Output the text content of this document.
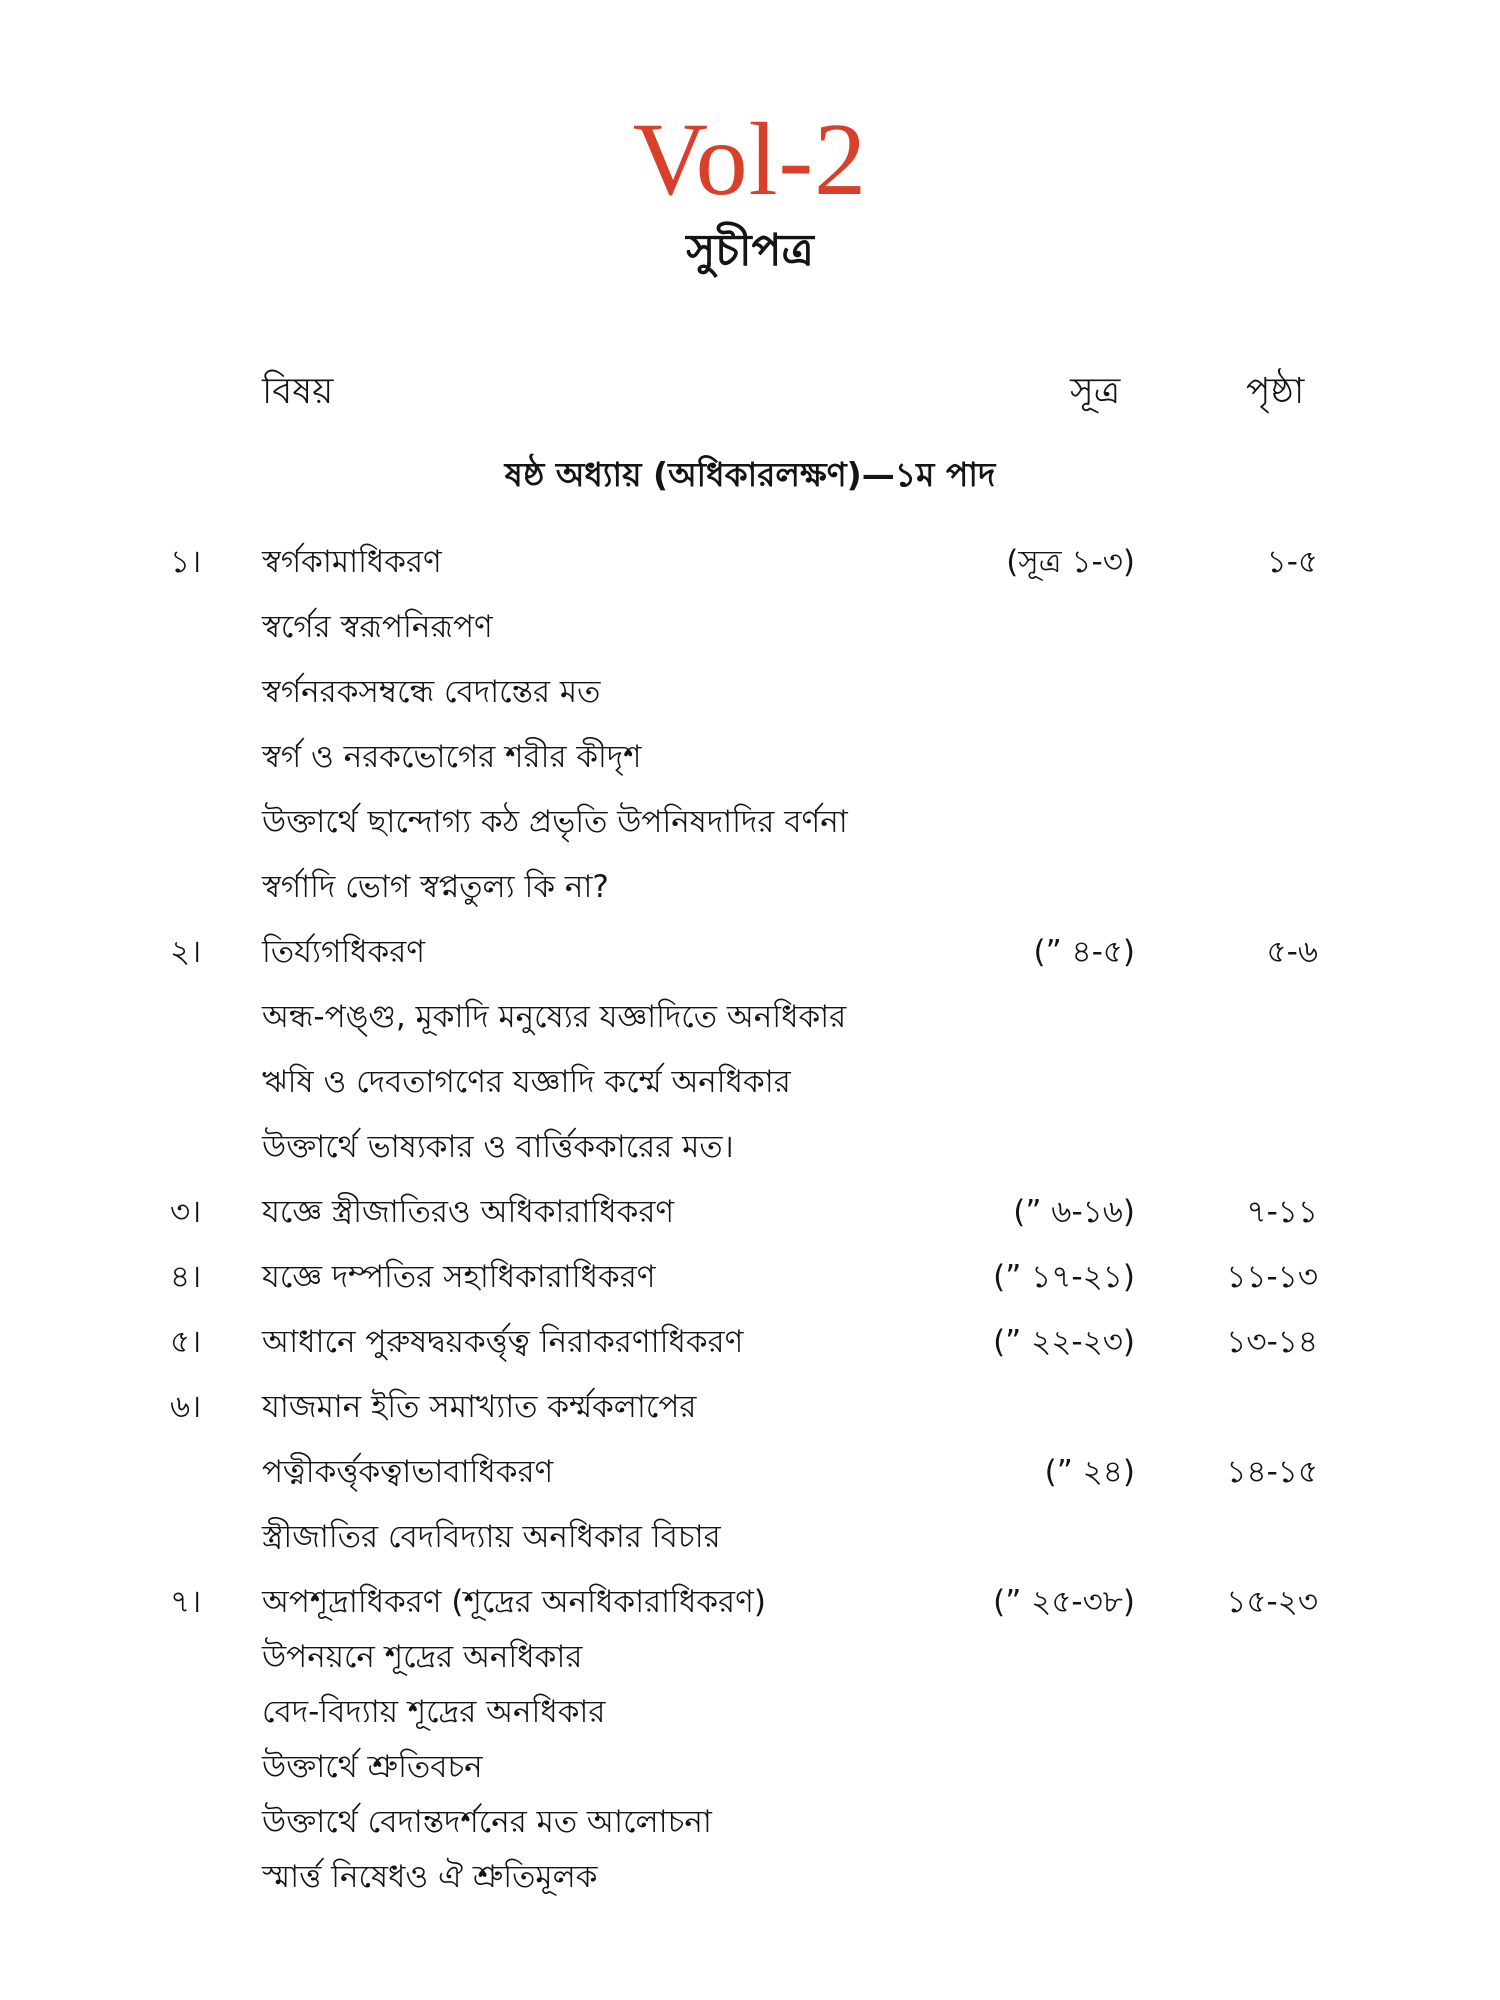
Vol-2
সুচীপত্র
বিষয়	সূত্র	পৃষ্ঠা
ষষ্ঠ অধ্যায় (অধিকারলক্ষণ)—১ম পাদ
১।	স্বর্গকামাধিকরণ	(সূত্র ১-৩)	১-৫
স্বর্গের স্বরূপনিরূপণ
স্বর্গনরকসম্বন্ধে বেদান্তের মত
স্বর্গ ও নরকভোগের শরীর কীদৃশ
উক্তার্থে ছান্দোগ্য কঠ প্রভৃতি উপনিষদাদির বর্ণনা
স্বর্গাদি ভোগ স্বপ্নতুল্য কি না?
২।	তির্য্যগধিকরণ	(” ৪-৫)	৫-৬
অন্ধ-পঙ্গু, মূকাদি মনুষ্যের যজ্ঞাদিতে অনধিকার
ঋষি ও দেবতাগণের যজ্ঞাদি কর্ম্মে অনধিকার
উক্তার্থে ভাষ্যকার ও বার্ত্তিককারের মত।
৩।	যজ্ঞে স্ত্রীজাতিরও অধিকারাধিকরণ	(” ৬-১৬)	৭-১১
৪।	যজ্ঞে দম্পতির সহাধিকারাধিকরণ	(” ১৭-২১)	১১-১৩
৫।	আধানে পুরুষদ্বয়কর্ত্তৃত্ব নিরাকরণাধিকরণ	(” ২২-২৩)	১৩-১৪
৬।	যাজমান ইতি সমাখ্যাত কর্ম্মকলাপের
পত্নীকর্ত্তৃকত্বাভাবাধিকরণ	(” ২৪)	১৪-১৫
স্ত্রীজাতির বেদবিদ্যায় অনধিকার বিচার
৭।	অপশূদ্রাধিকরণ (শূদ্রের অনধিকারাধিকরণ)	(” ২৫-৩৮)	১৫-২৩
উপনয়নে শূদ্রের অনধিকার
বেদ-বিদ্যায় শূদ্রের অনধিকার
উক্তার্থে শ্রুতিবচন
উক্তার্থে বেদান্তদর্শনের মত আলোচনা
স্মার্ত্ত নিষেধও ঐ শ্রুতিমূলক
